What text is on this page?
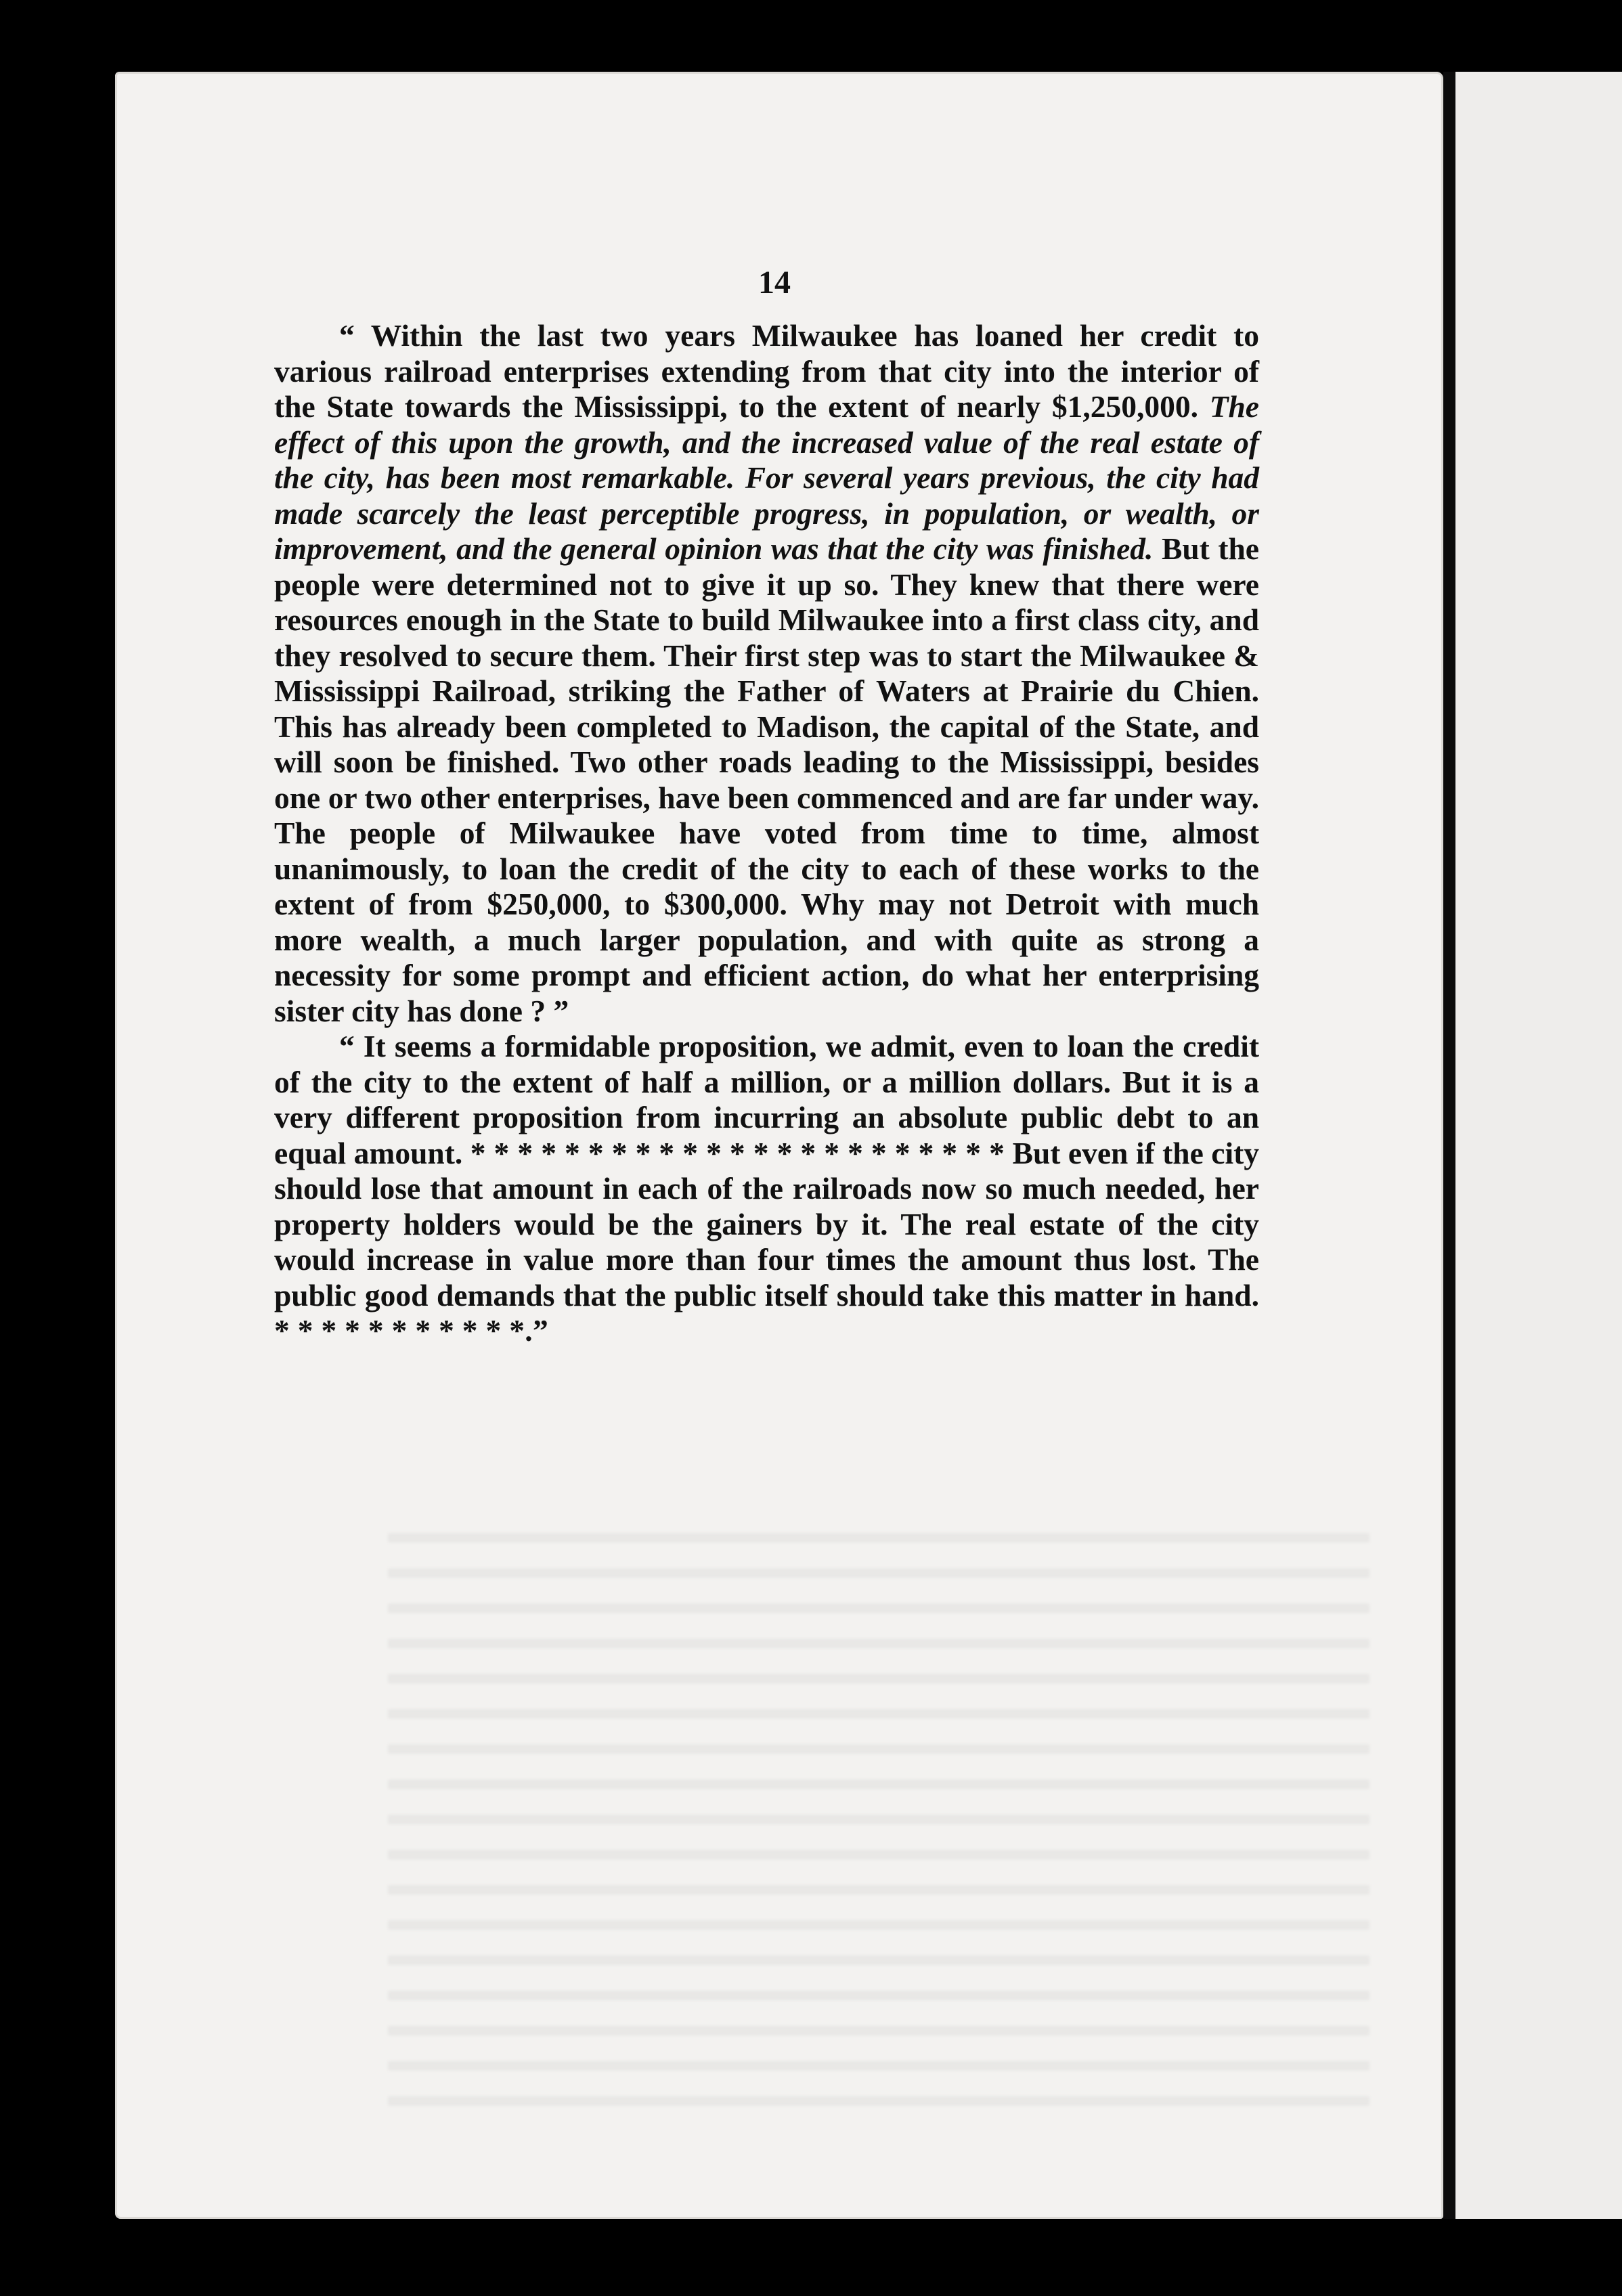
14

“ Within the last two years Milwaukee has loaned her credit to various railroad enterprises extending from that city into the interior of the State towards the Mississippi, to the extent of nearly $1,250,000. The effect of this upon the growth, and the increased value of the real estate of the city, has been most remarkable. For several years previous, the city had made scarcely the least perceptible progress, in population, or wealth, or improvement, and the general opinion was that the city was finished. But the people were determined not to give it up so. They knew that there were resources enough in the State to build Milwaukee into a first class city, and they resolved to secure them. Their first step was to start the Milwaukee & Mississippi Railroad, striking the Father of Waters at Prairie du Chien. This has already been completed to Madison, the capital of the State, and will soon be finished. Two other roads leading to the Mississippi, besides one or two other enterprises, have been commenced and are far under way. The people of Milwaukee have voted from time to time, almost unanimously, to loan the credit of the city to each of these works to the extent of from $250,000, to $300,000. Why may not Detroit with much more wealth, a much larger population, and with quite as strong a necessity for some prompt and efficient action, do what her enterprising sister city has done ? ”

“ It seems a formidable proposition, we admit, even to loan the credit of the city to the extent of half a million, or a million dollars. But it is a very different proposition from incurring an absolute public debt to an equal amount. * * * * * * * * * * * * * * * * * * * * * * * But even if the city should lose that amount in each of the railroads now so much needed, her property holders would be the gainers by it. The real estate of the city would increase in value more than four times the amount thus lost. The public good demands that the public itself should take this matter in hand. * * * * * * * * * * *.”
